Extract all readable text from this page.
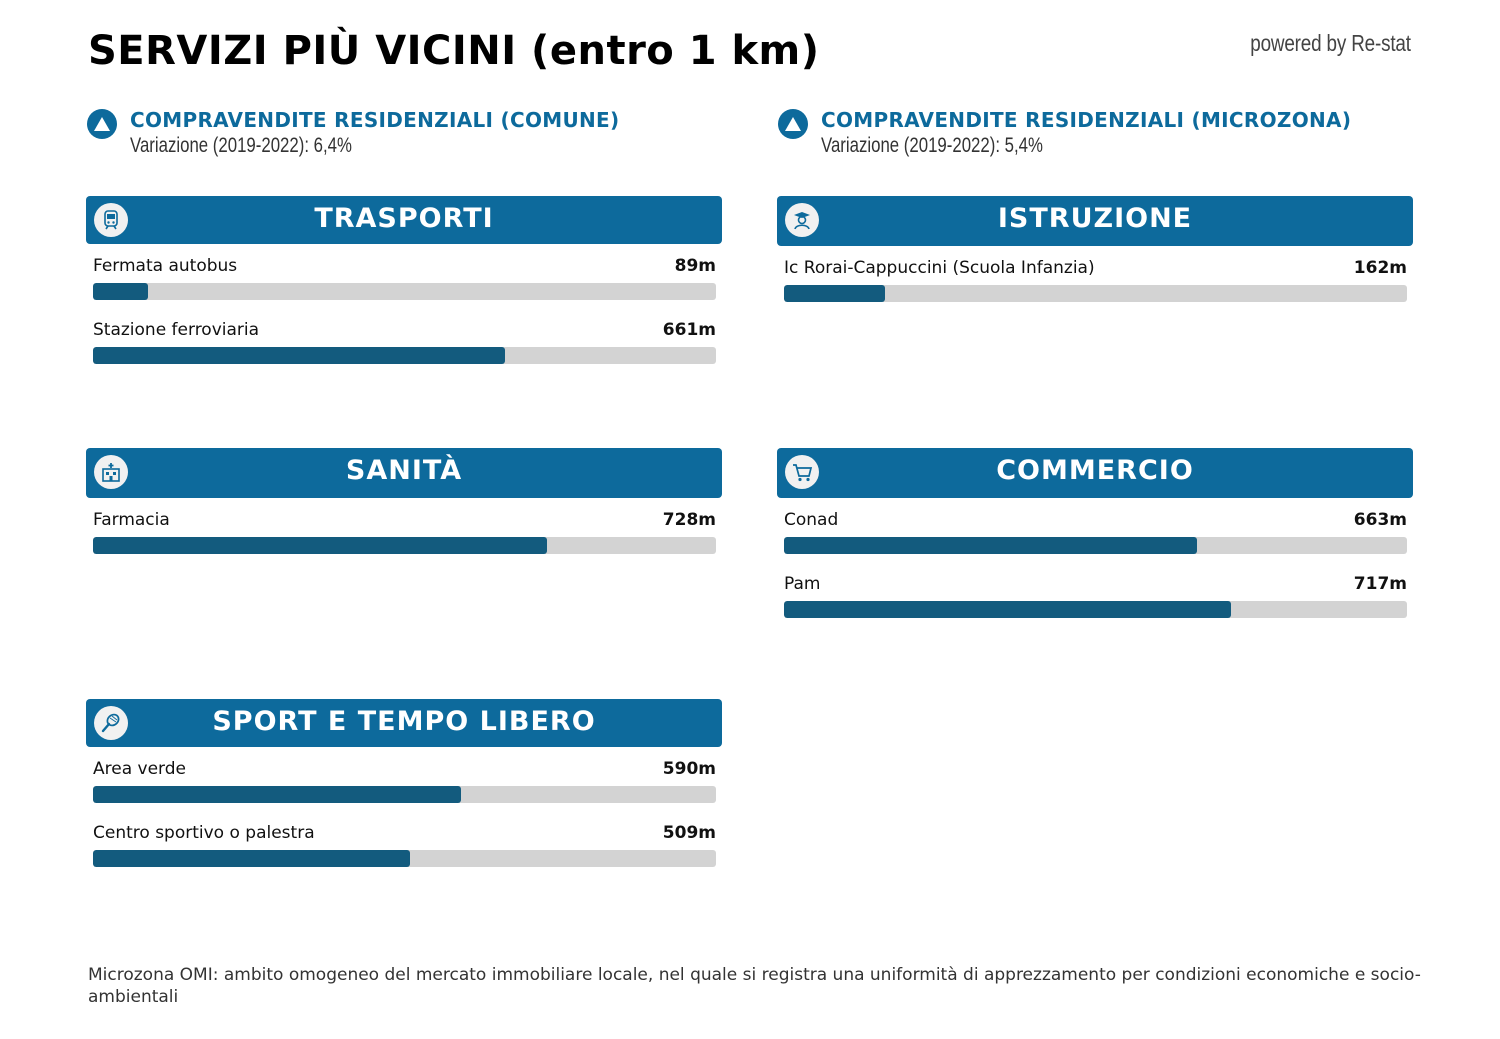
SERVIZI PIÙ VICINI (entro 1 km)	powered by Re-stat
COMPRAVENDITE RESIDENZIALI (COMUNE)
Variazione (2019-2022): 6,4%
COMPRAVENDITE RESIDENZIALI (MICROZONA)
Variazione (2019-2022): 5,4%
TRASPORTI
Fermata autobus	89m
Stazione ferroviaria	661m
ISTRUZIONE
Ic Rorai-Cappuccini (Scuola Infanzia)	162m
SANITÀ
Farmacia	728m
COMMERCIO
Conad	663m
Pam	717m
SPORT E TEMPO LIBERO
Area verde	590m
Centro sportivo o palestra	509m
Microzona OMI: ambito omogeneo del mercato immobiliare locale, nel quale si registra una uniformità di apprezzamento per condizioni economiche e socio-ambientali
